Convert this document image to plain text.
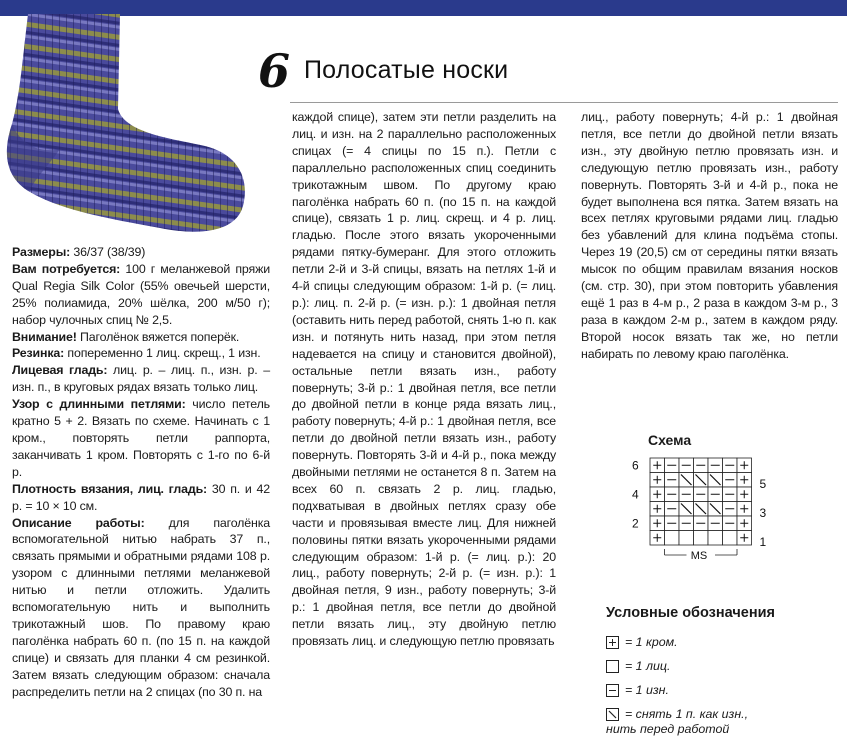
6 Полосатые носки

Размеры: 36/37 (38/39)

Вам потребуется: 100 г меланжевой пряжи Qual Regia Silk Color (55% овечьей шерсти, 25% полиамида, 20% шёлка, 200 м/50 г); набор чулочных спиц № 2,5.

Внимание! Паголёнок вяжется поперёк.

Резинка: попеременно 1 лиц. скрещ., 1 изн.

Лицевая гладь: лиц. р. – лиц. п., изн. р. – изн. п., в круговых рядах вязать только лиц.

Узор с длинными петлями: число петель кратно 5 + 2. Вязать по схеме. Начинать с 1 кром., повторять петли раппорта, заканчивать 1 кром. Повторять с 1-го по 6-й р.

Плотность вязания, лиц. гладь: 30 п. и 42 р. = 10 × 10 см.

Описание работы: для паголёнка вспомогательной нитью набрать 37 п., связать прямыми и обратными рядами 108 р. узором с длинными петлями меланжевой нитью и петли отложить. Удалить вспомогательную нить и выполнить трикотажный шов. По правому краю паголёнка набрать 60 п. (по 15 п. на каждой спице) и связать для планки 4 см резинкой. Затем вязать следующим образом: сначала распределить петли на 2 спицах (по 30 п. на

каждой спице), затем эти петли разделить на лиц. и изн. на 2 параллельно расположенных спицах (= 4 спицы по 15 п.). Петли с параллельно расположенных спиц соединить трикотажным швом. По другому краю паголёнка набрать 60 п. (по 15 п. на каждой спице), связать 1 р. лиц. скрещ. и 4 р. лиц. гладью. После этого вязать укороченными рядами пятку-бумеранг. Для этого отложить петли 2-й и 3-й спицы, вязать на петлях 1-й и 4-й спицы следующим образом: 1-й р. (= лиц. р.): лиц. п. 2-й р. (= изн. р.): 1 двойная петля (оставить нить перед работой, снять 1-ю п. как изн. и потянуть нить назад, при этом петля надевается на спицу и становится двойной), остальные петли вязать изн., работу повернуть; 3-й р.: 1 двойная петля, все петли до двойной петли в конце ряда вязать лиц., работу повернуть; 4-й р.: 1 двойная петля, все петли до двойной петли вязать изн., работу повернуть. Повторять 3-й и 4-й р., пока между двойными петлями не останется 8 п. Затем на всех 60 п. связать 2 р. лиц. гладью, подхватывая в двойных петлях сразу обе части и провязывая вместе лиц. Для нижней половины пятки вязать укороченными рядами следующим образом: 1-й р. (= лиц. р.): 20 лиц., работу повернуть; 2-й р. (= изн. р.): 1 двойная петля, 9 изн., работу повернуть; 3-й р.: 1 двойная петля, все петли до двойной петли вязать лиц., эту двойную петлю провязать лиц. и следующую петлю провязать

лиц., работу повернуть; 4-й р.: 1 двойная петля, все петли до двойной петли вязать изн., эту двойную петлю провязать изн. и следующую петлю провязать изн., работу повернуть. Повторять 3-й и 4-й р., пока не будет выполнена вся пятка. Затем вязать на всех петлях круговыми рядами лиц. гладью без убавлений для клина подъёма стопы. Через 19 (20,5) см от середины пятки вязать мысок по общим правилам вязания носков (см. стр. 30), при этом повторить убавления ещё 1 раз в 4-м р., 2 раза в каждом 3-м р., 3 раза в каждом 2-м р., затем в каждом ряду. Второй носок вязать так же, но петли набирать по левому краю паголёнка.

Схема
6
4
2
5
3
1
MS
Условные обозначения
= 1 кром.
= 1 лиц.
= 1 изн.
= снять 1 п. как изн.,
нить перед работой
